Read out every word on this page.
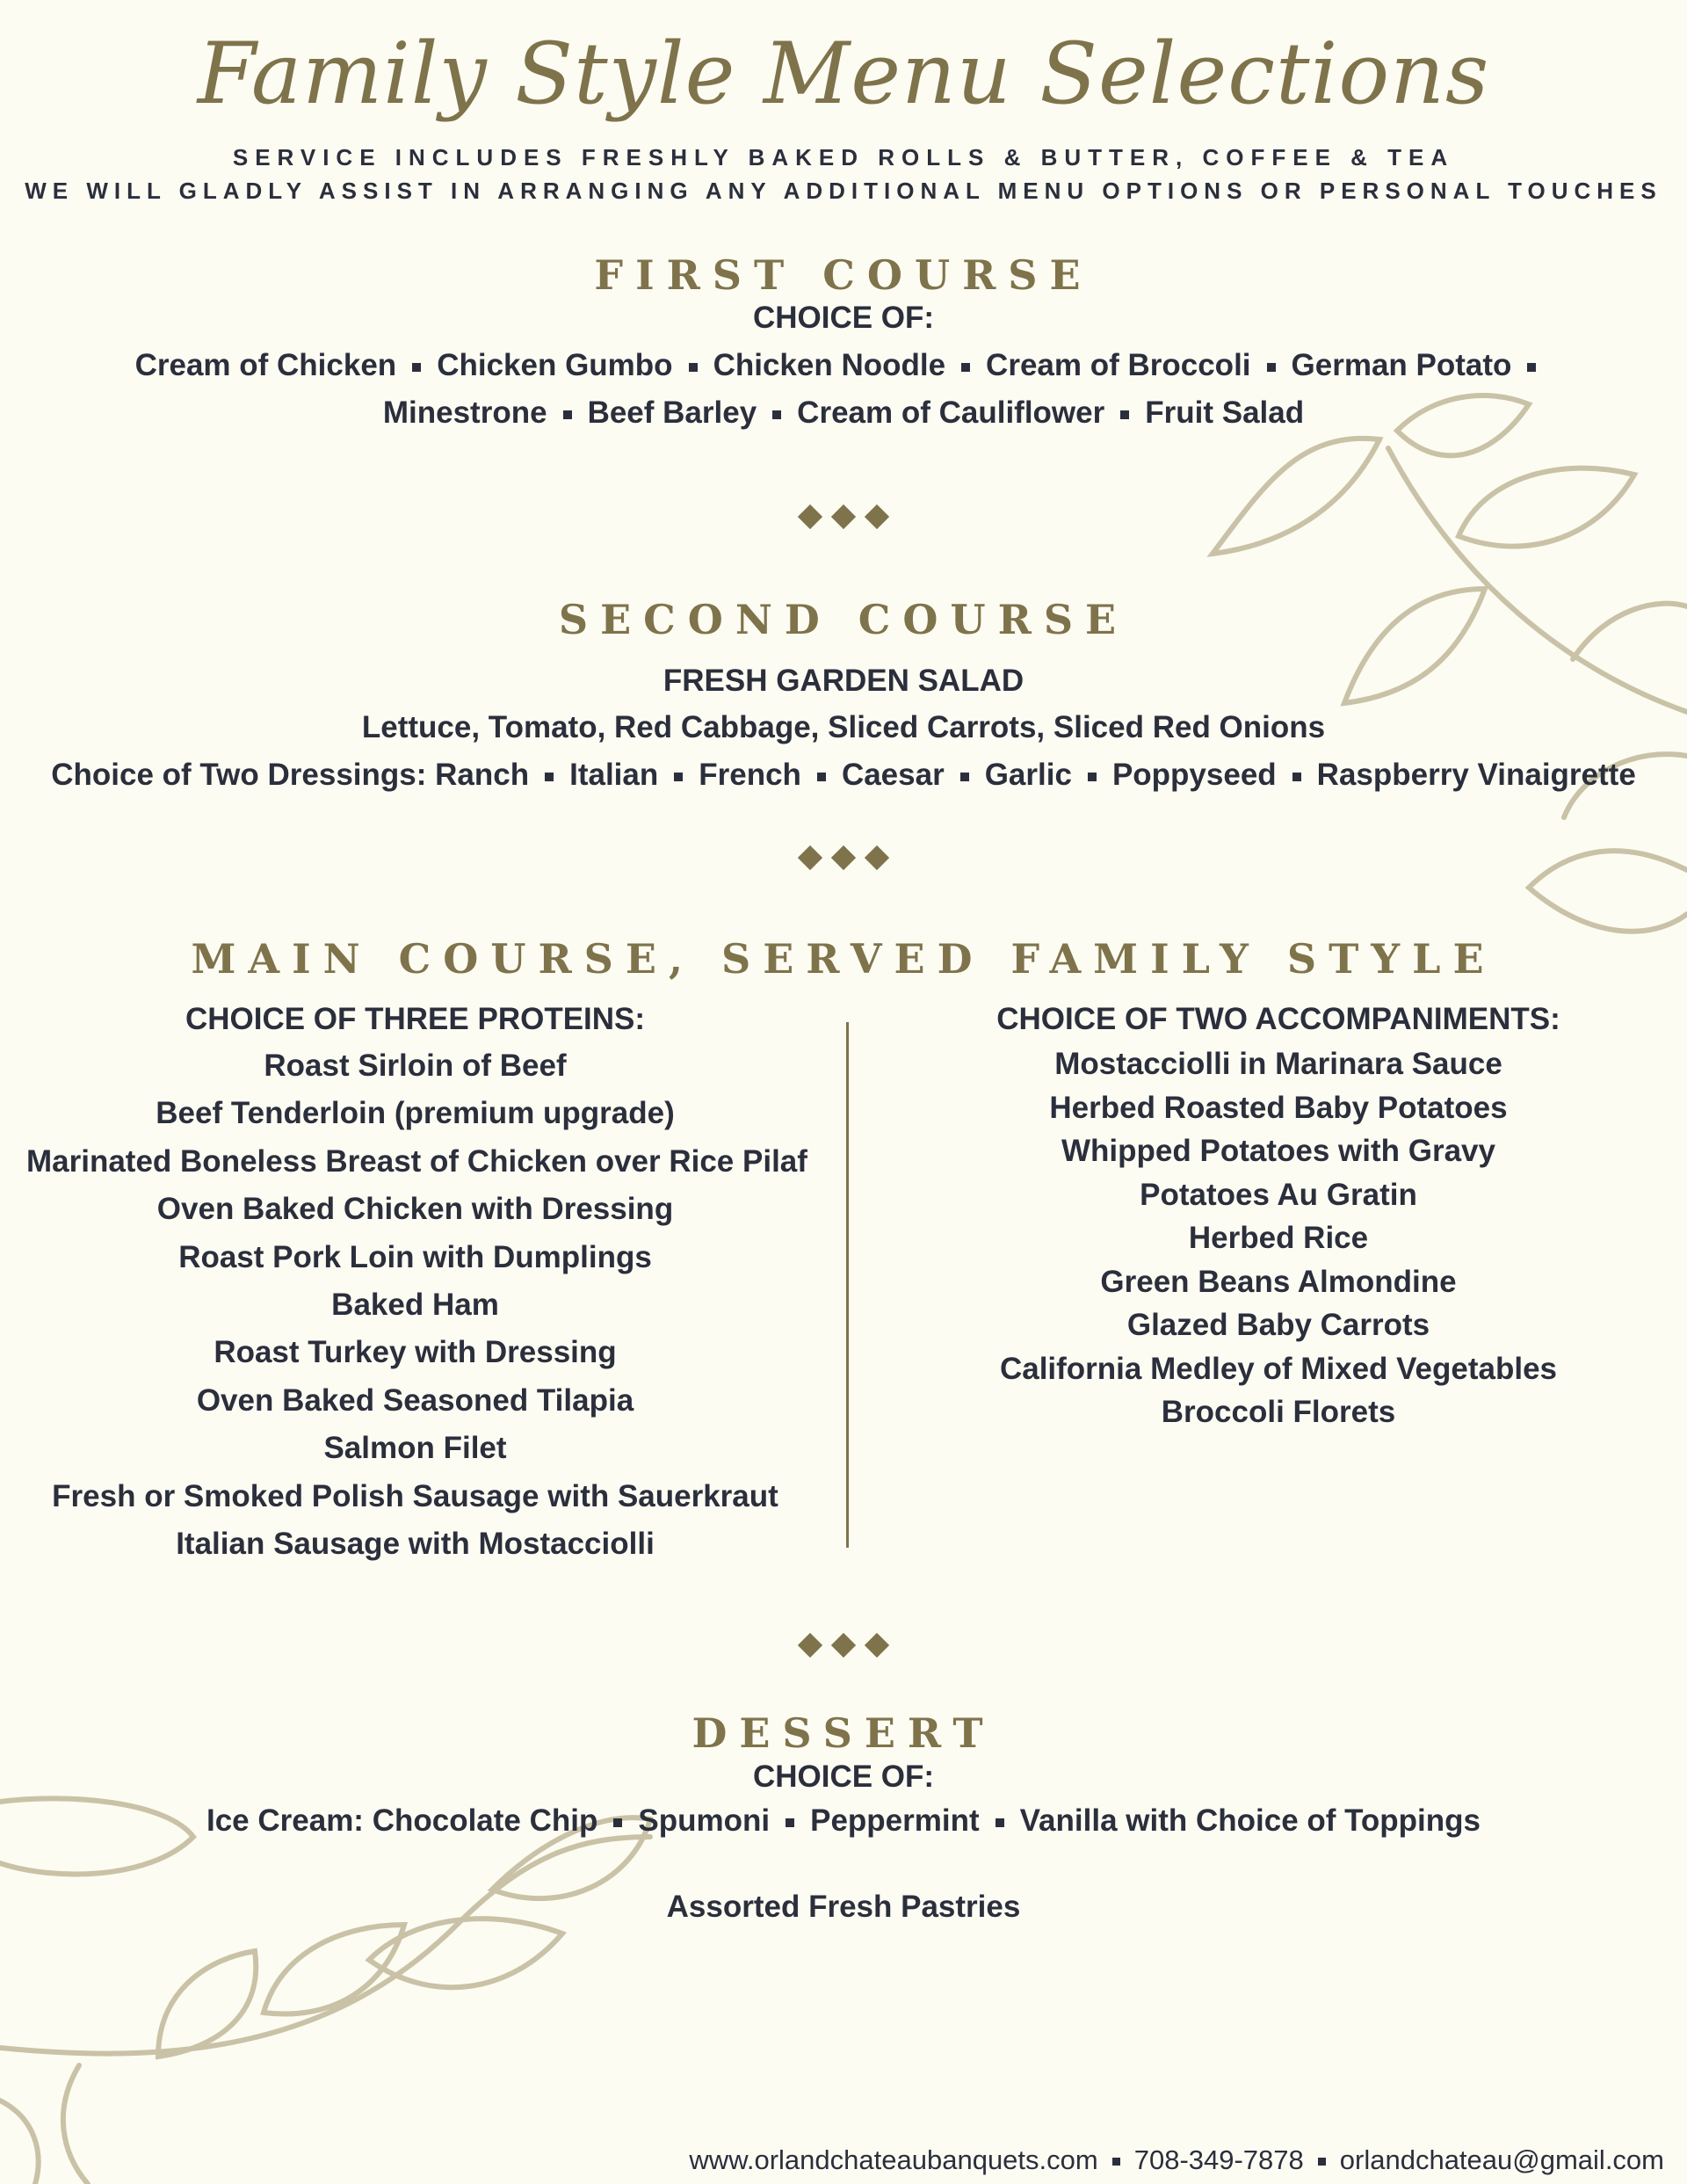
Family Style Menu Selections
SERVICE INCLUDES FRESHLY BAKED ROLLS & BUTTER, COFFEE & TEA
WE WILL GLADLY ASSIST IN ARRANGING ANY ADDITIONAL MENU OPTIONS OR PERSONAL TOUCHES
FIRST COURSE
CHOICE OF:
Cream of Chicken Chicken Gumbo Chicken Noodle Cream of Broccoli German Potato
Minestrone Beef Barley Cream of Cauliflower Fruit Salad
SECOND COURSE
FRESH GARDEN SALAD
Lettuce, Tomato, Red Cabbage, Sliced Carrots, Sliced Red Onions
Choice of Two Dressings: Ranch Italian French Caesar Garlic Poppyseed Raspberry Vinaigrette
MAIN COURSE, SERVED FAMILY STYLE
CHOICE OF THREE PROTEINS:
Roast Sirloin of Beef
Beef Tenderloin (premium upgrade)
Marinated Boneless Breast of Chicken over Rice Pilaf
Oven Baked Chicken with Dressing
Roast Pork Loin with Dumplings
Baked Ham
Roast Turkey with Dressing
Oven Baked Seasoned Tilapia
Salmon Filet
Fresh or Smoked Polish Sausage with Sauerkraut
Italian Sausage with Mostacciolli
CHOICE OF TWO ACCOMPANIMENTS:
Mostacciolli in Marinara Sauce
Herbed Roasted Baby Potatoes
Whipped Potatoes with Gravy
Potatoes Au Gratin
Herbed Rice
Green Beans Almondine
Glazed Baby Carrots
California Medley of Mixed Vegetables
Broccoli Florets
DESSERT
CHOICE OF:
Ice Cream: Chocolate Chip Spumoni Peppermint Vanilla with Choice of Toppings
Assorted Fresh Pastries
www.orlandchateaubanquets.com 708-349-7878 orlandchateau@gmail.com
